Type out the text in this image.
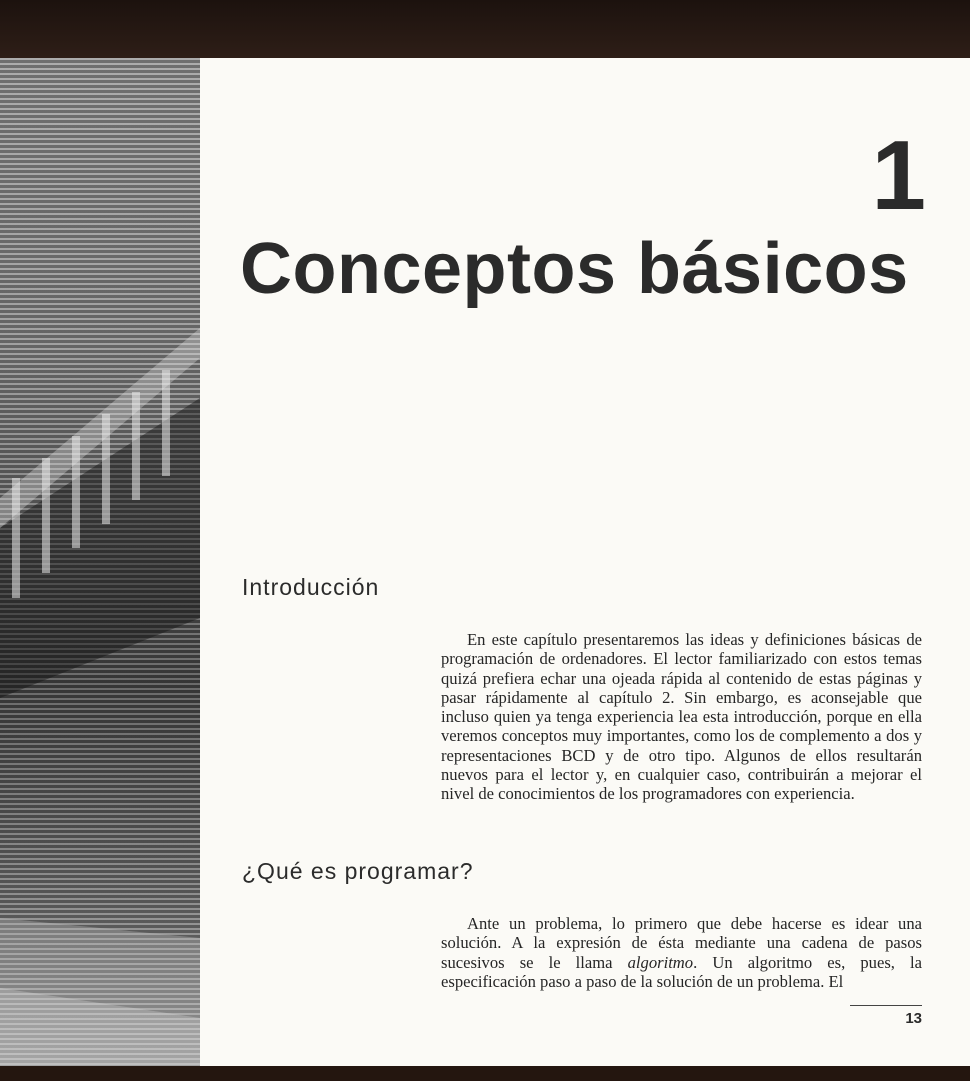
1
Conceptos básicos
Introducción

En este capítulo presentaremos las ideas y definiciones básicas de programación de ordenadores. El lector familiarizado con estos temas quizá prefiera echar una ojeada rápida al contenido de estas páginas y pasar rápidamente al capítulo 2. Sin embargo, es aconsejable que incluso quien ya tenga experiencia lea esta introducción, porque en ella veremos conceptos muy importantes, como los de complemento a dos y representaciones BCD y de otro tipo. Algunos de ellos resultarán nuevos para el lector y, en cualquier caso, contribuirán a mejorar el nivel de conocimientos de los programadores con experiencia.

¿Qué es programar?

Ante un problema, lo primero que debe hacerse es idear una solución. A la expresión de ésta mediante una cadena de pasos sucesivos se le llama algoritmo. Un algoritmo es, pues, la especificación paso a paso de la solución de un problema. El

13
